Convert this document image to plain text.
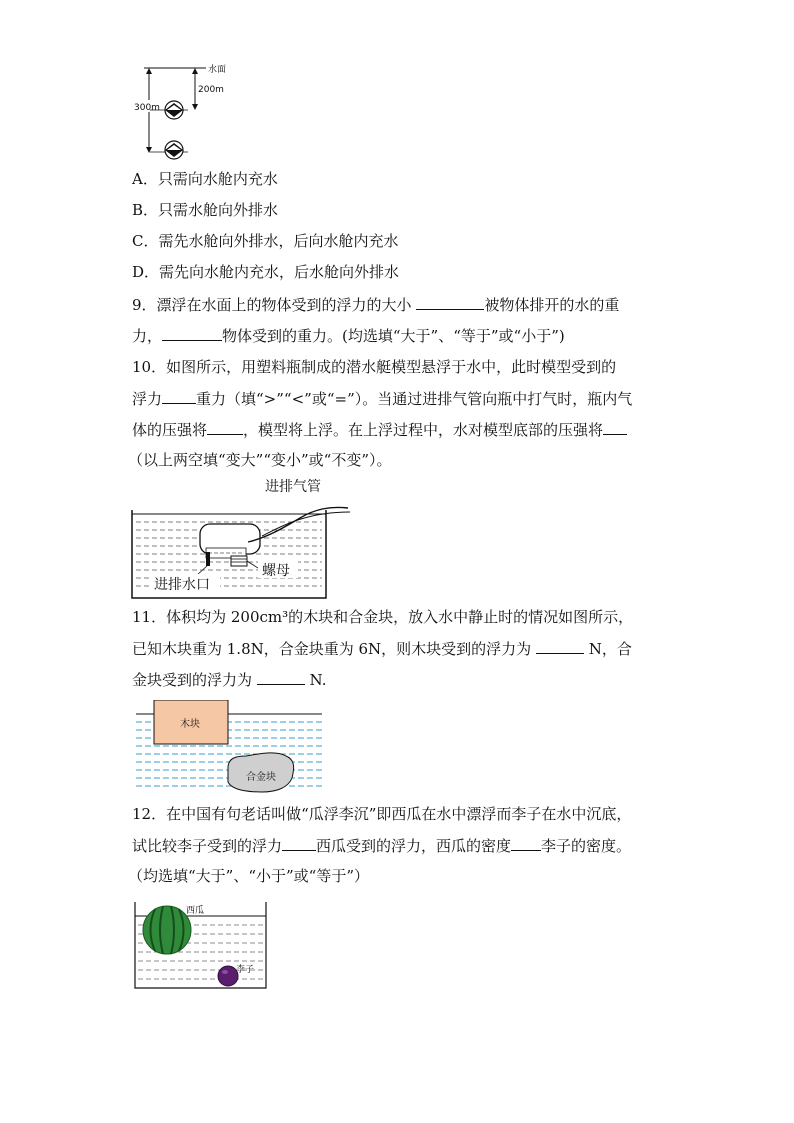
水面
300m
200m
A．只需向水舱内充水
B．只需水舱向外排水
C．需先水舱向外排水，后向水舱内充水
D．需先向水舱内充水，后水舱向外排水
9．漂浮在水面上的物体受到的浮力的大小	被物体排开的水的重
力，	物体受到的重力。(均选填“大于”、“等于”或“小于”)
10．如图所示，用塑料瓶制成的潜水艇模型悬浮于水中，此时模型受到的
浮力 重力（填“>”“<”或“=”）。当通过进排气管向瓶中打气时，瓶内气
体的压强将 ，模型将上浮。在上浮过程中，水对模型底部的压强将
（以上两空填“变大”“变小”或“不变”）。
进排气管
螺母
进排水口
11．体积均为 200cm³的木块和合金块，放入水中静止时的情况如图所示，
已知木块重为 1.8N，合金块重为 6N，则木块受到的浮力为	N，合
金块受到的浮力为	N.
木块
合金块
12．在中国有句老话叫做“瓜浮李沉”即西瓜在水中漂浮而李子在水中沉底，
试比较李子受到的浮力 西瓜受到的浮力，西瓜的密度 李子的密度。
（均选填“大于”、“小于”或“等于”）
西瓜
李子
